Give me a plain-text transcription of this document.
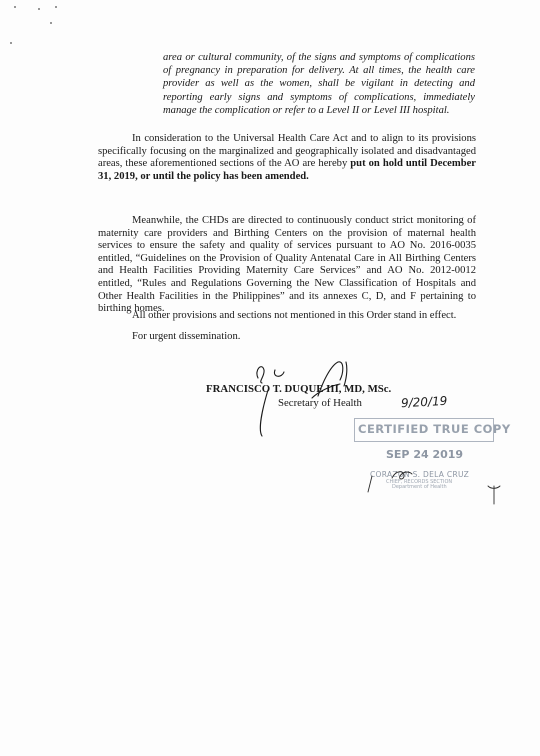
area or cultural community, of the signs and symptoms of complications of pregnancy in preparation for delivery. At all times, the health care provider as well as the women, shall be vigilant in detecting and reporting early signs and symptoms of complications, immediately manage the complication or refer to a Level II or Level III hospital.
In consideration to the Universal Health Care Act and to align to its provisions specifically focusing on the marginalized and geographically isolated and disadvantaged areas, these aforementioned sections of the AO are hereby put on hold until December 31, 2019, or until the policy has been amended.
Meanwhile, the CHDs are directed to continuously conduct strict monitoring of maternity care providers and Birthing Centers on the provision of maternal health services to ensure the safety and quality of services pursuant to AO No. 2016-0035 entitled, “Guidelines on the Provision of Quality Antenatal Care in All Birthing Centers and Health Facilities Providing Maternity Care Services” and AO No. 2012-0012 entitled, “Rules and Regulations Governing the New Classification of Hospitals and Other Health Facilities in the Philippines” and its annexes C, D, and F pertaining to birthing homes.
All other provisions and sections not mentioned in this Order stand in effect.
For urgent dissemination.
FRANCISCO T. DUQUE III, MD, MSc.
Secretary of Health	9/20/19
CERTIFIED TRUE COPY
SEP 24 2019
CORAZON S. DELA CRUZ
CHIEF, RECORDS SECTION
Department of Health
